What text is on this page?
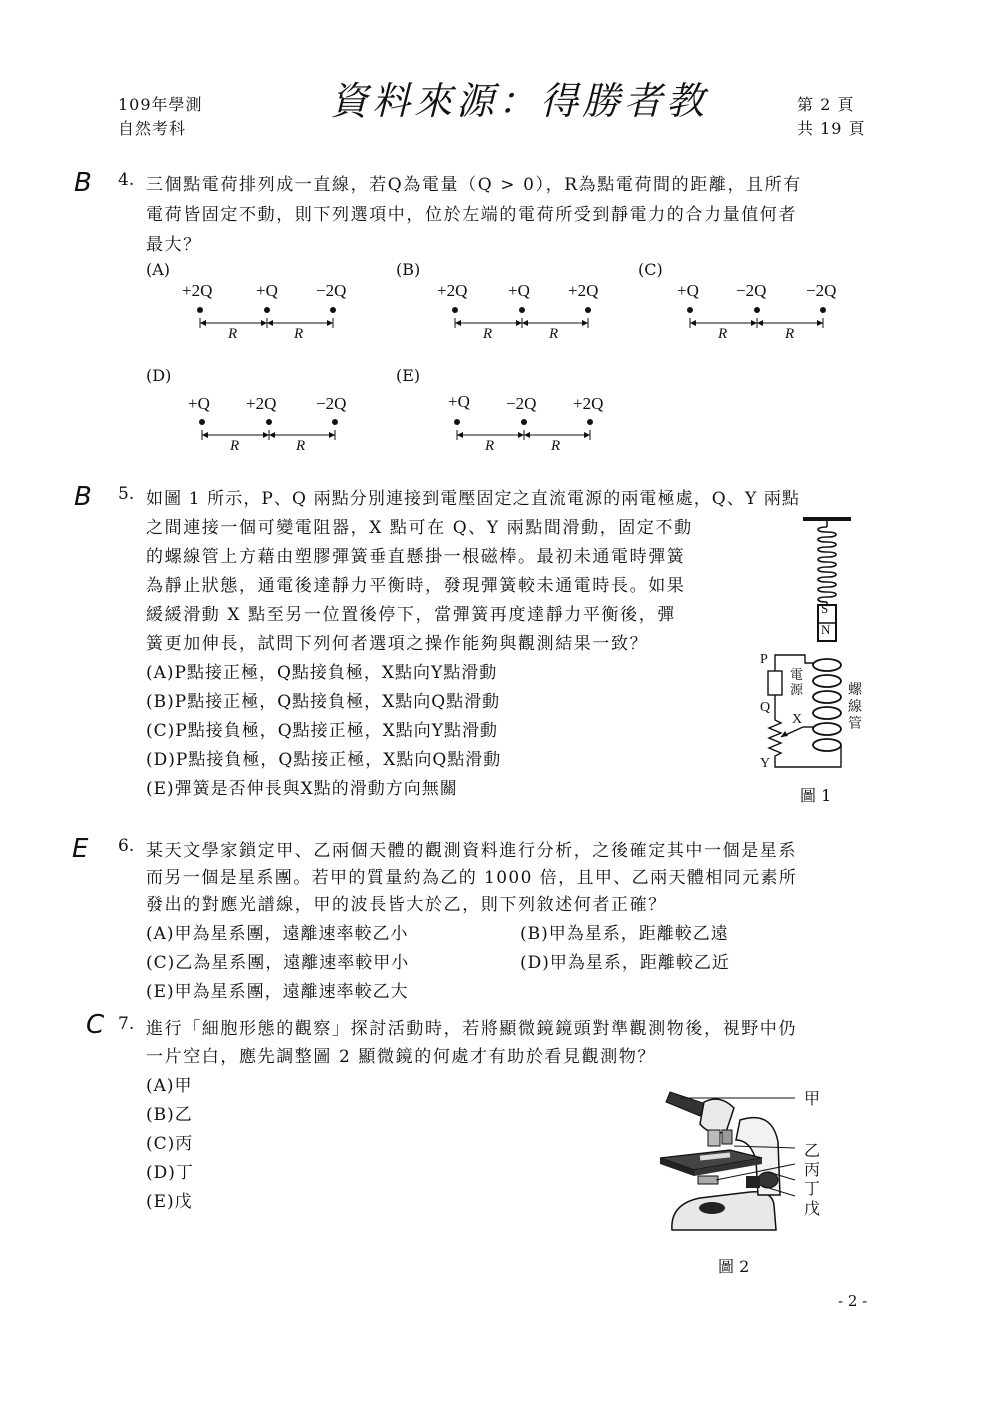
109年學測
自然考科
資料來源：得勝者教	第 2 頁
共 19 頁
B 4. 三個點電荷排列成一直線，若Q為電量（Q > 0），R為點電荷間的距離，且所有
電荷皆固定不動，則下列選項中，位於左端的電荷所受到靜電力的合力量值何者
最大？
(A)
+2Q	+Q −2Q
R	R
(B)
+2Q +Q +2Q
R	R
(C)
+Q −2Q −2Q
R	R
(D)
+Q +2Q −2Q
R	R
(E)
+Q −2Q +2Q
R	R
B 5. 如圖 1 所示，P、Q 兩點分別連接到電壓固定之直流電源的兩電極處，Q、Y 兩點
之間連接一個可變電阻器，X 點可在 Q、Y 兩點間滑動，固定不動
的螺線管上方藉由塑膠彈簧垂直懸掛一根磁棒。最初未通電時彈簧
為靜止狀態，通電後達靜力平衡時，發現彈簧較未通電時長。如果
緩緩滑動 X 點至另一位置後停下，當彈簧再度達靜力平衡後，彈
簧更加伸長，試問下列何者選項之操作能夠與觀測結果一致？
(A)P點接正極，Q點接負極，X點向Y點滑動
(B)P點接正極，Q點接負極，X點向Q點滑動
(C)P點接負極，Q點接正極，X點向Y點滑動
(D)P點接負極，Q點接正極，X點向Q點滑動
(E)彈簧是否伸長與X點的滑動方向無關
S
N
P
Q
X
Y
電源	螺線管
圖 1
E 6. 某天文學家鎖定甲、乙兩個天體的觀測資料進行分析，之後確定其中一個是星系
而另一個是星系團。若甲的質量約為乙的 1000 倍，且甲、乙兩天體相同元素所
發出的對應光譜線，甲的波長皆大於乙，則下列敘述何者正確？
(A)甲為星系團，遠離速率較乙小	(B)甲為星系，距離較乙遠
(C)乙為星系團，遠離速率較甲小	(D)甲為星系，距離較乙近
(E)甲為星系團，遠離速率較乙大
C 7. 進行「細胞形態的觀察」探討活動時，若將顯微鏡鏡頭對準觀測物後，視野中仍
一片空白，應先調整圖 2 顯微鏡的何處才有助於看見觀測物？
(A)甲
(B)乙
(C)丙
(D)丁
(E)戊
甲
乙
丙
丁
戊
圖 2
- 2 -
